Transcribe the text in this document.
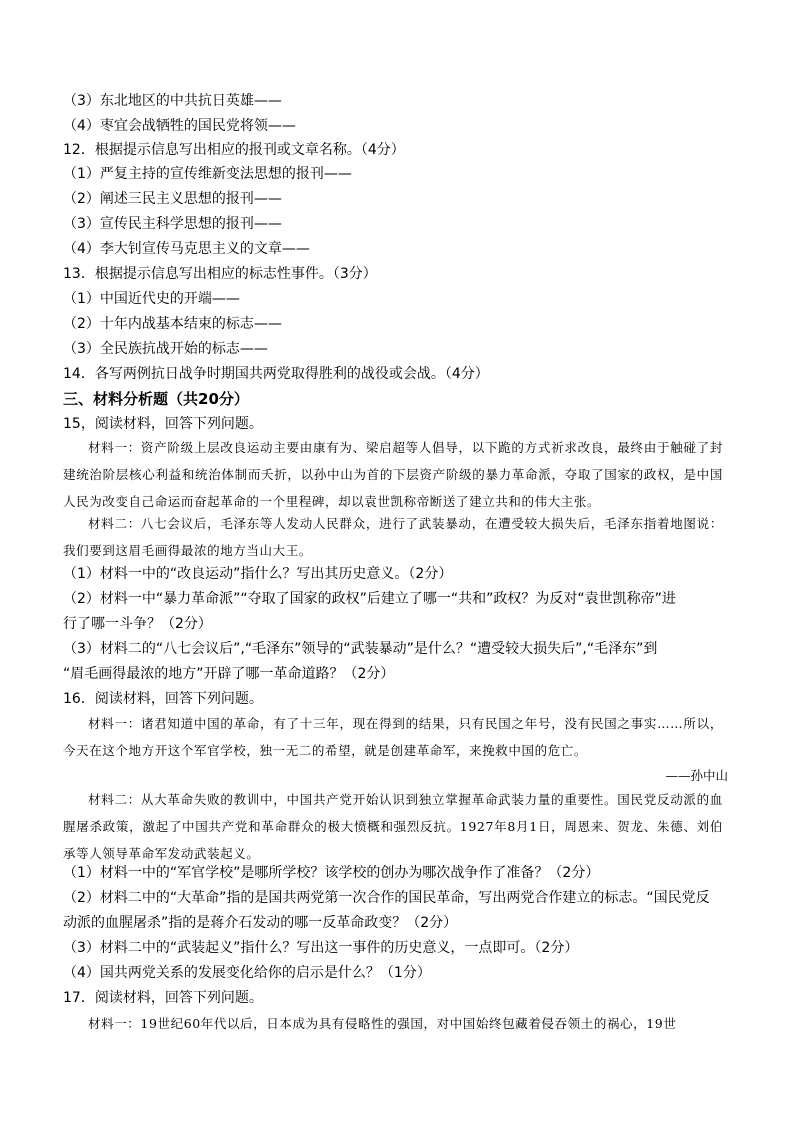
（3）东北地区的中共抗日英雄——
（4）枣宜会战牺牲的国民党将领——
12．根据提示信息写出相应的报刊或文章名称。（4分）
（1）严复主持的宣传维新变法思想的报刊——
（2）阐述三民主义思想的报刊——
（3）宣传民主科学思想的报刊——
（4）李大钊宣传马克思主义的文章——
13．根据提示信息写出相应的标志性事件。（3分）
（1）中国近代史的开端——
（2）十年内战基本结束的标志——
（3）全民族抗战开始的标志——
14．各写两例抗日战争时期国共两党取得胜利的战役或会战。（4分）
三、材料分析题（共20分）
15，阅读材料，回答下列问题。
材料一：资产阶级上层改良运动主要由康有为、梁启超等人倡导，以下跪的方式祈求改良，最终由于触碰了封建统治阶层核心利益和统治体制而夭折，以孙中山为首的下层资产阶级的暴力革命派，夺取了国家的政权，是中国人民为改变自己命运而奋起革命的一个里程碑，却以袁世凯称帝断送了建立共和的伟大主张。
材料二：八七会议后，毛泽东等人发动人民群众，进行了武装暴动，在遭受较大损失后，毛泽东指着地图说：我们要到这眉毛画得最浓的地方当山大王。
（1）材料一中的“改良运动”指什么？写出其历史意义。（2分）
（2）材料一中“暴力革命派”“夺取了国家的政权”后建立了哪一“共和”政权？为反对“袁世凯称帝”进
行了哪一斗争？（2分）
（3）材料二的“八七会议后”,“毛泽东”领导的“武装暴动”是什么？“遭受较大损失后”,“毛泽东”到
“眉毛画得最浓的地方”开辟了哪一革命道路？（2分）
16．阅读材料，回答下列问题。
材料一：诸君知道中国的革命，有了十三年，现在得到的结果，只有民国之年号，没有民国之事实……所以，今天在这个地方开这个军官学校，独一无二的希望，就是创建革命军，来挽救中国的危亡。
——孙中山
材料二：从大革命失败的教训中，中国共产党开始认识到独立掌握革命武装力量的重要性。国民党反动派的血腥屠杀政策，激起了中国共产党和革命群众的极大愤概和强烈反抗。1927年8月1日，周恩来、贺龙、朱德、刘伯承等人领导革命军发动武装起义。
（1）材料一中的“军官学校”是哪所学校？该学校的创办为哪次战争作了准备？（2分）
（2）材料二中的“大革命”指的是国共两党第一次合作的国民革命，写出两党合作建立的标志。“国民党反
动派的血腥屠杀”指的是蒋介石发动的哪一反革命政变？（2分）
（3）材料二中的“武装起义”指什么？写出这一事件的历史意义，一点即可。（2分）
（4）国共两党关系的发展变化给你的启示是什么？（1分）
17．阅读材料，回答下列问题。
材料一：19世纪60年代以后，日本成为具有侵略性的强国，对中国始终包藏着侵吞领土的祸心，19世
